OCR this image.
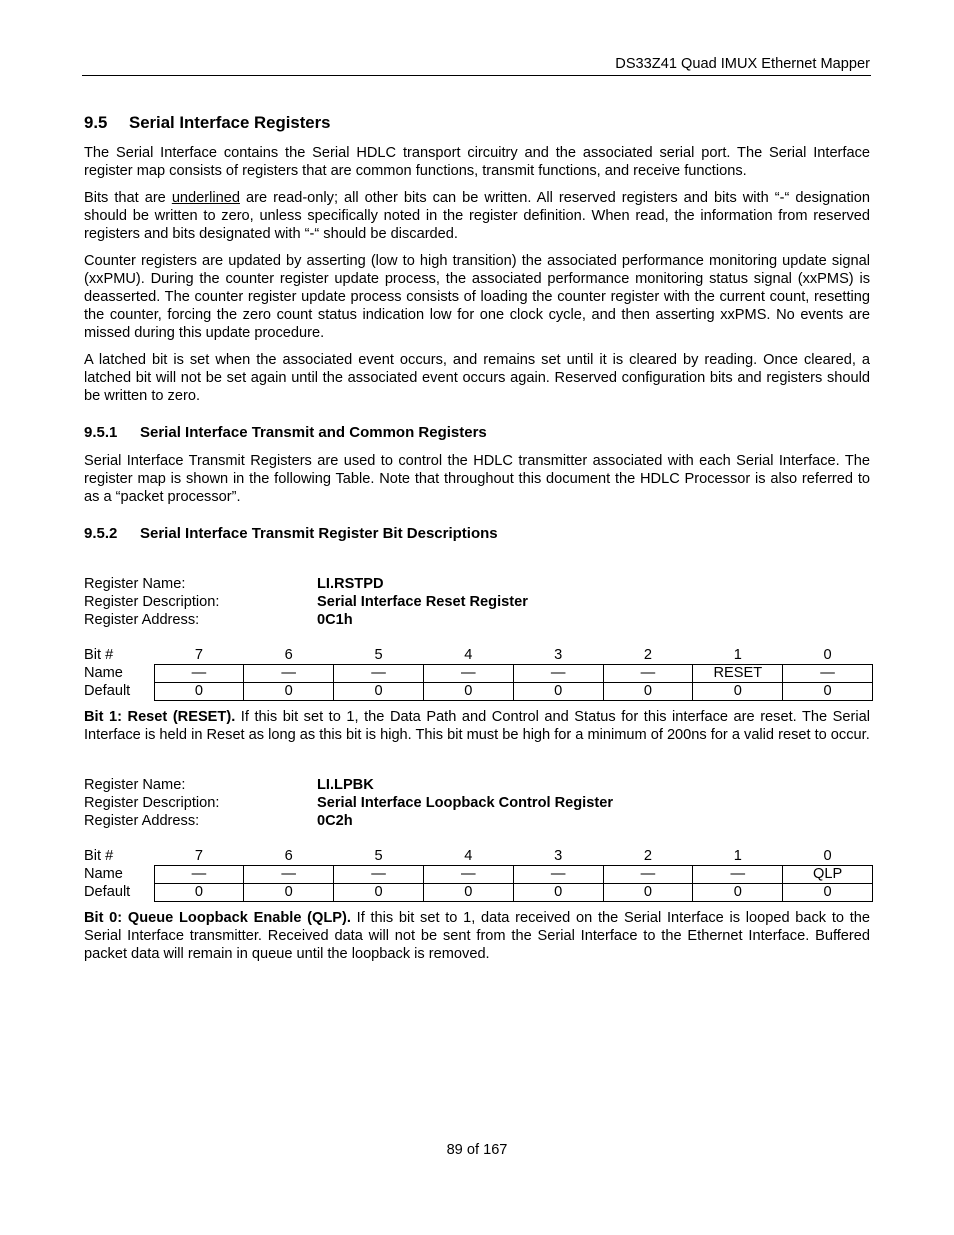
DS33Z41 Quad IMUX Ethernet Mapper
9.5 Serial Interface Registers

The Serial Interface contains the Serial HDLC transport circuitry and the associated serial port. The Serial Interface register map consists of registers that are common functions, transmit functions, and receive functions.

Bits that are underlined are read-only; all other bits can be written. All reserved registers and bits with “-“ designation should be written to zero, unless specifically noted in the register definition. When read, the information from reserved registers and bits designated with “-“ should be discarded.

Counter registers are updated by asserting (low to high transition) the associated performance monitoring update signal (xxPMU). During the counter register update process, the associated performance monitoring status signal (xxPMS) is deasserted. The counter register update process consists of loading the counter register with the current count, resetting the counter, forcing the zero count status indication low for one clock cycle, and then asserting xxPMS. No events are missed during this update procedure.

A latched bit is set when the associated event occurs, and remains set until it is cleared by reading. Once cleared, a latched bit will not be set again until the associated event occurs again. Reserved configuration bits and registers should be written to zero.

9.5.1 Serial Interface Transmit and Common Registers

Serial Interface Transmit Registers are used to control the HDLC transmitter associated with each Serial Interface. The register map is shown in the following Table. Note that throughout this document the HDLC Processor is also referred to as a “packet processor”.

9.5.2 Serial Interface Transmit Register Bit Descriptions
Register Name:	LI.RSTPD
Register Description:	Serial Interface Reset Register
Register Address:	0C1h
Bit #	7	6	5	4	3	2	1	0
Name	—	—	—	—	—	—	RESET	—
Default	0	0	0	0	0	0	0	0

Bit 1: Reset (RESET). If this bit set to 1, the Data Path and Control and Status for this interface are reset. The Serial Interface is held in Reset as long as this bit is high. This bit must be high for a minimum of 200ns for a valid reset to occur.

Register Name:	LI.LPBK
Register Description:	Serial Interface Loopback Control Register
Register Address:	0C2h
Bit #	7	6	5	4	3	2	1	0
Name	—	—	—	—	—	—	—	QLP
Default	0	0	0	0	0	0	0	0

Bit 0: Queue Loopback Enable (QLP). If this bit set to 1, data received on the Serial Interface is looped back to the Serial Interface transmitter. Received data will not be sent from the Serial Interface to the Ethernet Interface. Buffered packet data will remain in queue until the loopback is removed.

89 of 167
